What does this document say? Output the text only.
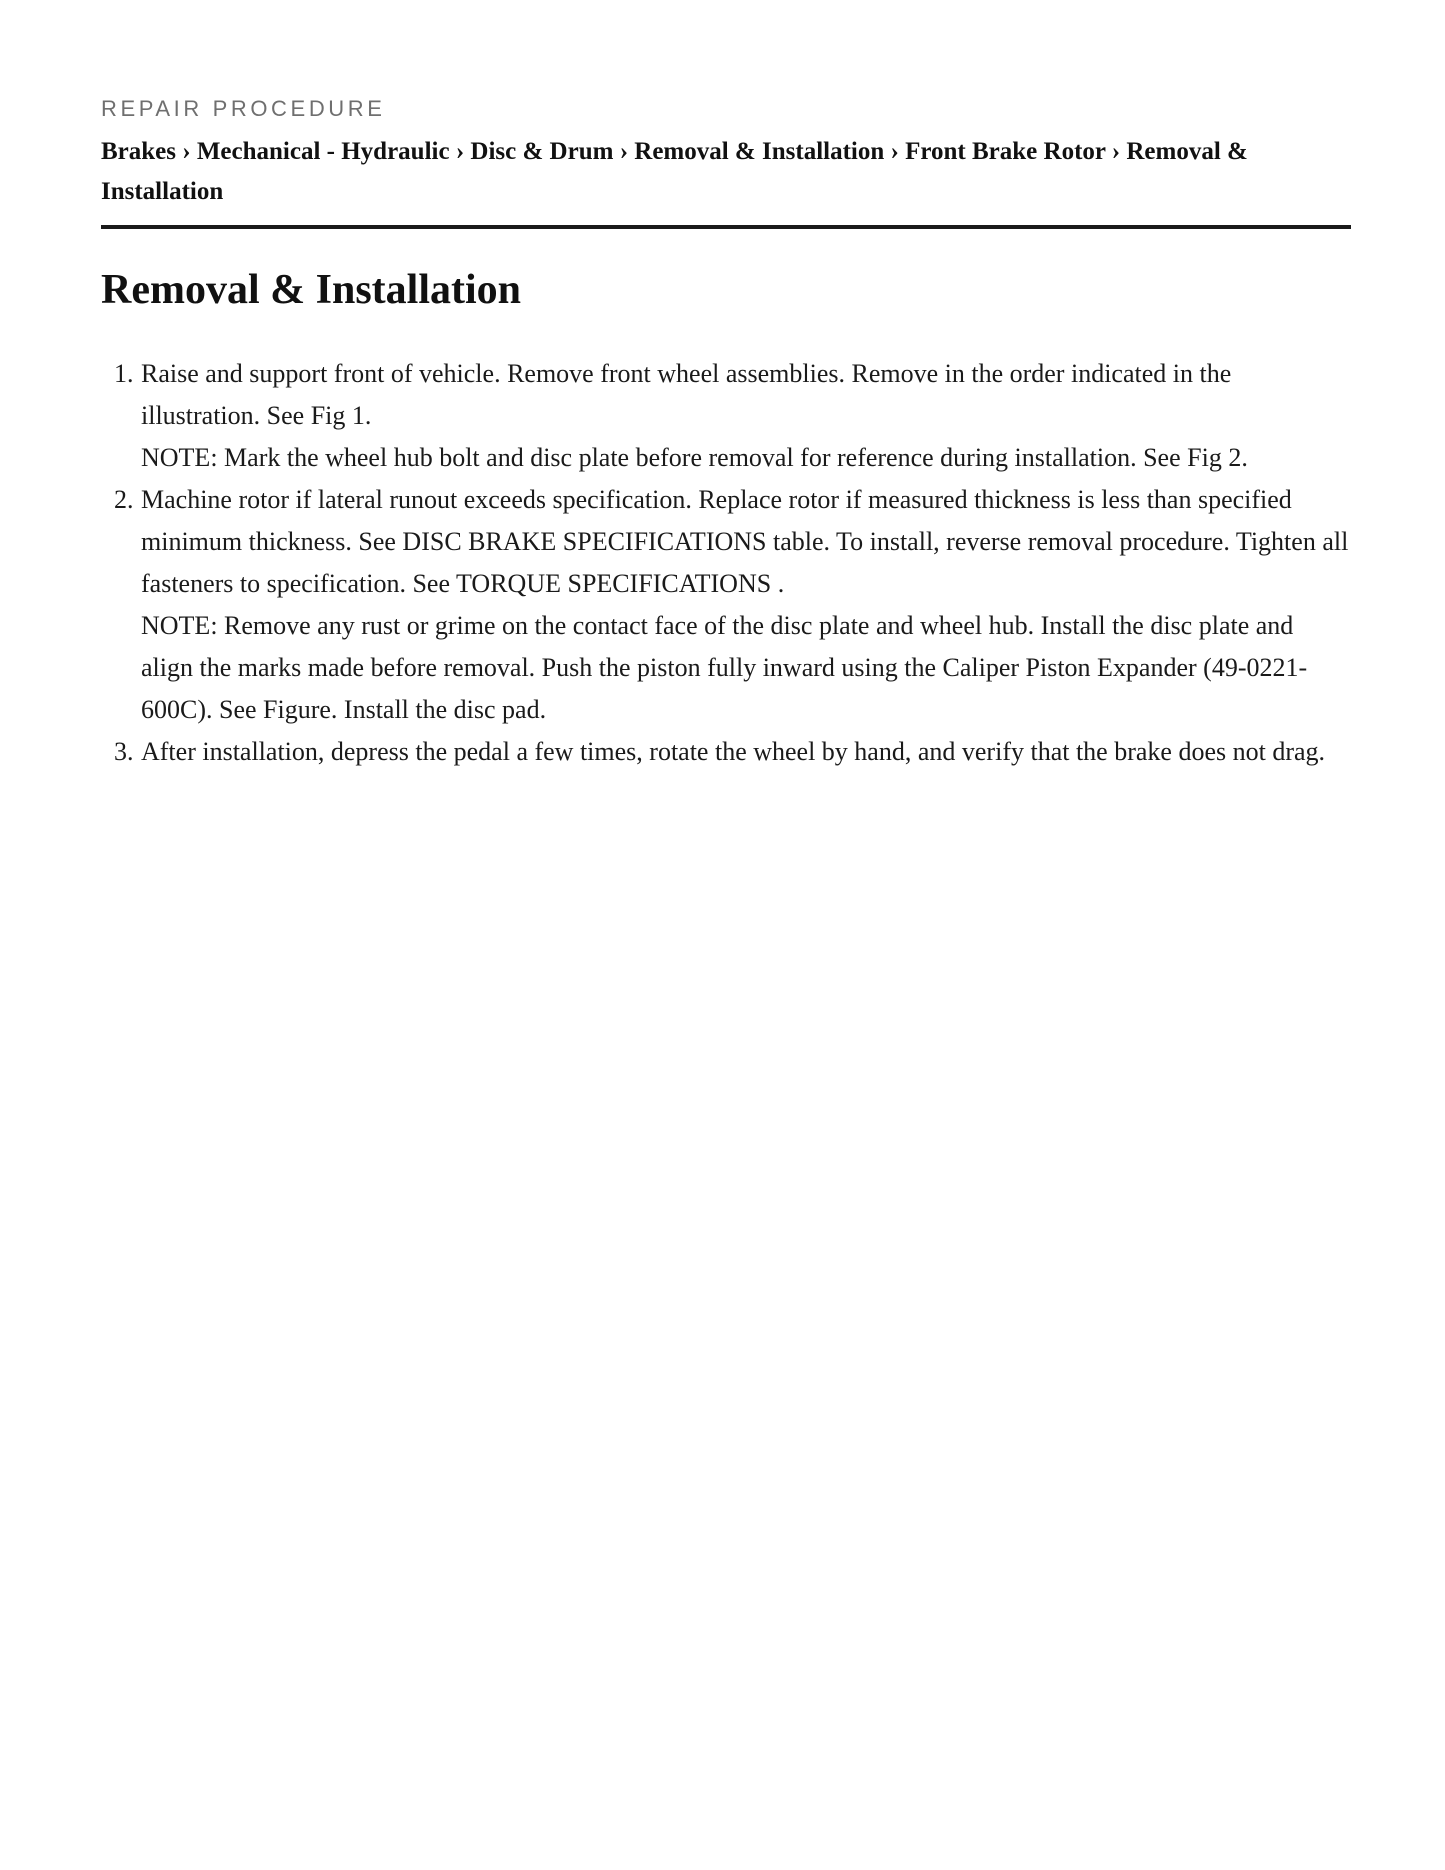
REPAIR PROCEDURE
Brakes › Mechanical - Hydraulic › Disc & Drum › Removal & Installation › Front Brake Rotor › Removal & Installation
Removal & Installation

1. Raise and support front of vehicle. Remove front wheel assemblies. Remove in the order indicated in the illustration. See Fig 1.

NOTE: Mark the wheel hub bolt and disc plate before removal for reference during installation. See Fig 2.

2. Machine rotor if lateral runout exceeds specification. Replace rotor if measured thickness is less than specified minimum thickness. See DISC BRAKE SPECIFICATIONS table. To install, reverse removal procedure. Tighten all fasteners to specification. See TORQUE SPECIFICATIONS .

NOTE: Remove any rust or grime on the contact face of the disc plate and wheel hub. Install the disc plate and align the marks made before removal. Push the piston fully inward using the Caliper Piston Expander (49-0221-600C). See Figure. Install the disc pad.

3. After installation, depress the pedal a few times, rotate the wheel by hand, and verify that the brake does not drag.
